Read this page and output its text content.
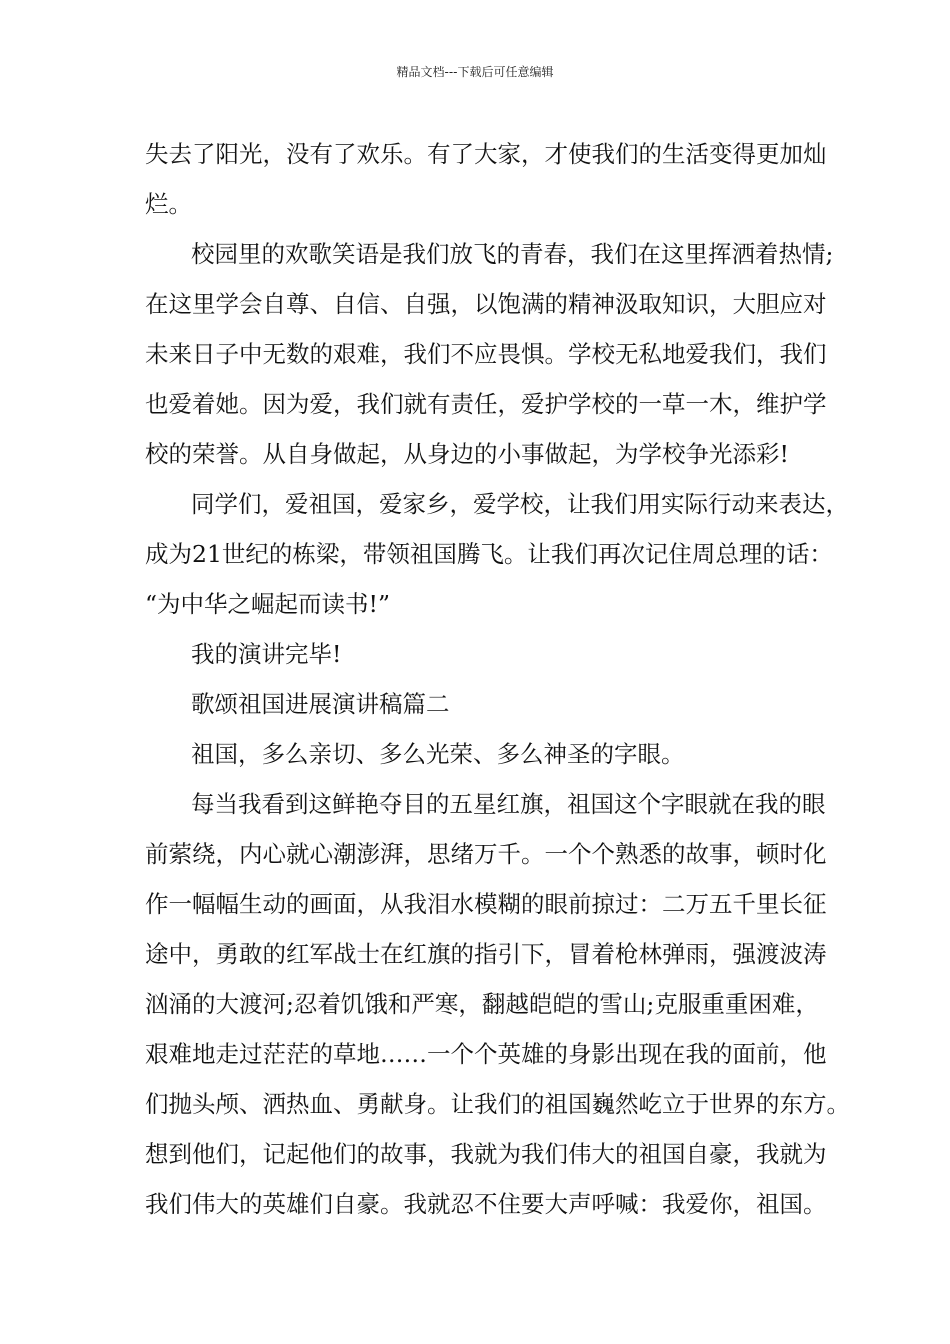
精品文档---下载后可任意编辑
失去了阳光，没有了欢乐。有了大家，才使我们的生活变得更加灿
烂。
校园里的欢歌笑语是我们放飞的青春，我们在这里挥洒着热情;
在这里学会自尊、自信、自强，以饱满的精神汲取知识，大胆应对
未来日子中无数的艰难，我们不应畏惧。学校无私地爱我们，我们
也爱着她。因为爱，我们就有责任，爱护学校的一草一木，维护学
校的荣誉。从自身做起，从身边的小事做起，为学校争光添彩!
同学们，爱祖国，爱家乡，爱学校，让我们用实际行动来表达，
成为21世纪的栋梁，带领祖国腾飞。让我们再次记住周总理的话：
“为中华之崛起而读书!”
我的演讲完毕!
歌颂祖国进展演讲稿篇二
祖国，多么亲切、多么光荣、多么神圣的字眼。
每当我看到这鲜艳夺目的五星红旗，祖国这个字眼就在我的眼
前萦绕，内心就心潮澎湃，思绪万千。一个个熟悉的故事，顿时化
作一幅幅生动的画面，从我泪水模糊的眼前掠过：二万五千里长征
途中，勇敢的红军战士在红旗的指引下，冒着枪林弹雨，强渡波涛
汹涌的大渡河;忍着饥饿和严寒，翻越皑皑的雪山;克服重重困难，
艰难地走过茫茫的草地……一个个英雄的身影出现在我的面前，他
们抛头颅、洒热血、勇献身。让我们的祖国巍然屹立于世界的东方。
想到他们，记起他们的故事，我就为我们伟大的祖国自豪，我就为
我们伟大的英雄们自豪。我就忍不住要大声呼喊：我爱你，祖国。
